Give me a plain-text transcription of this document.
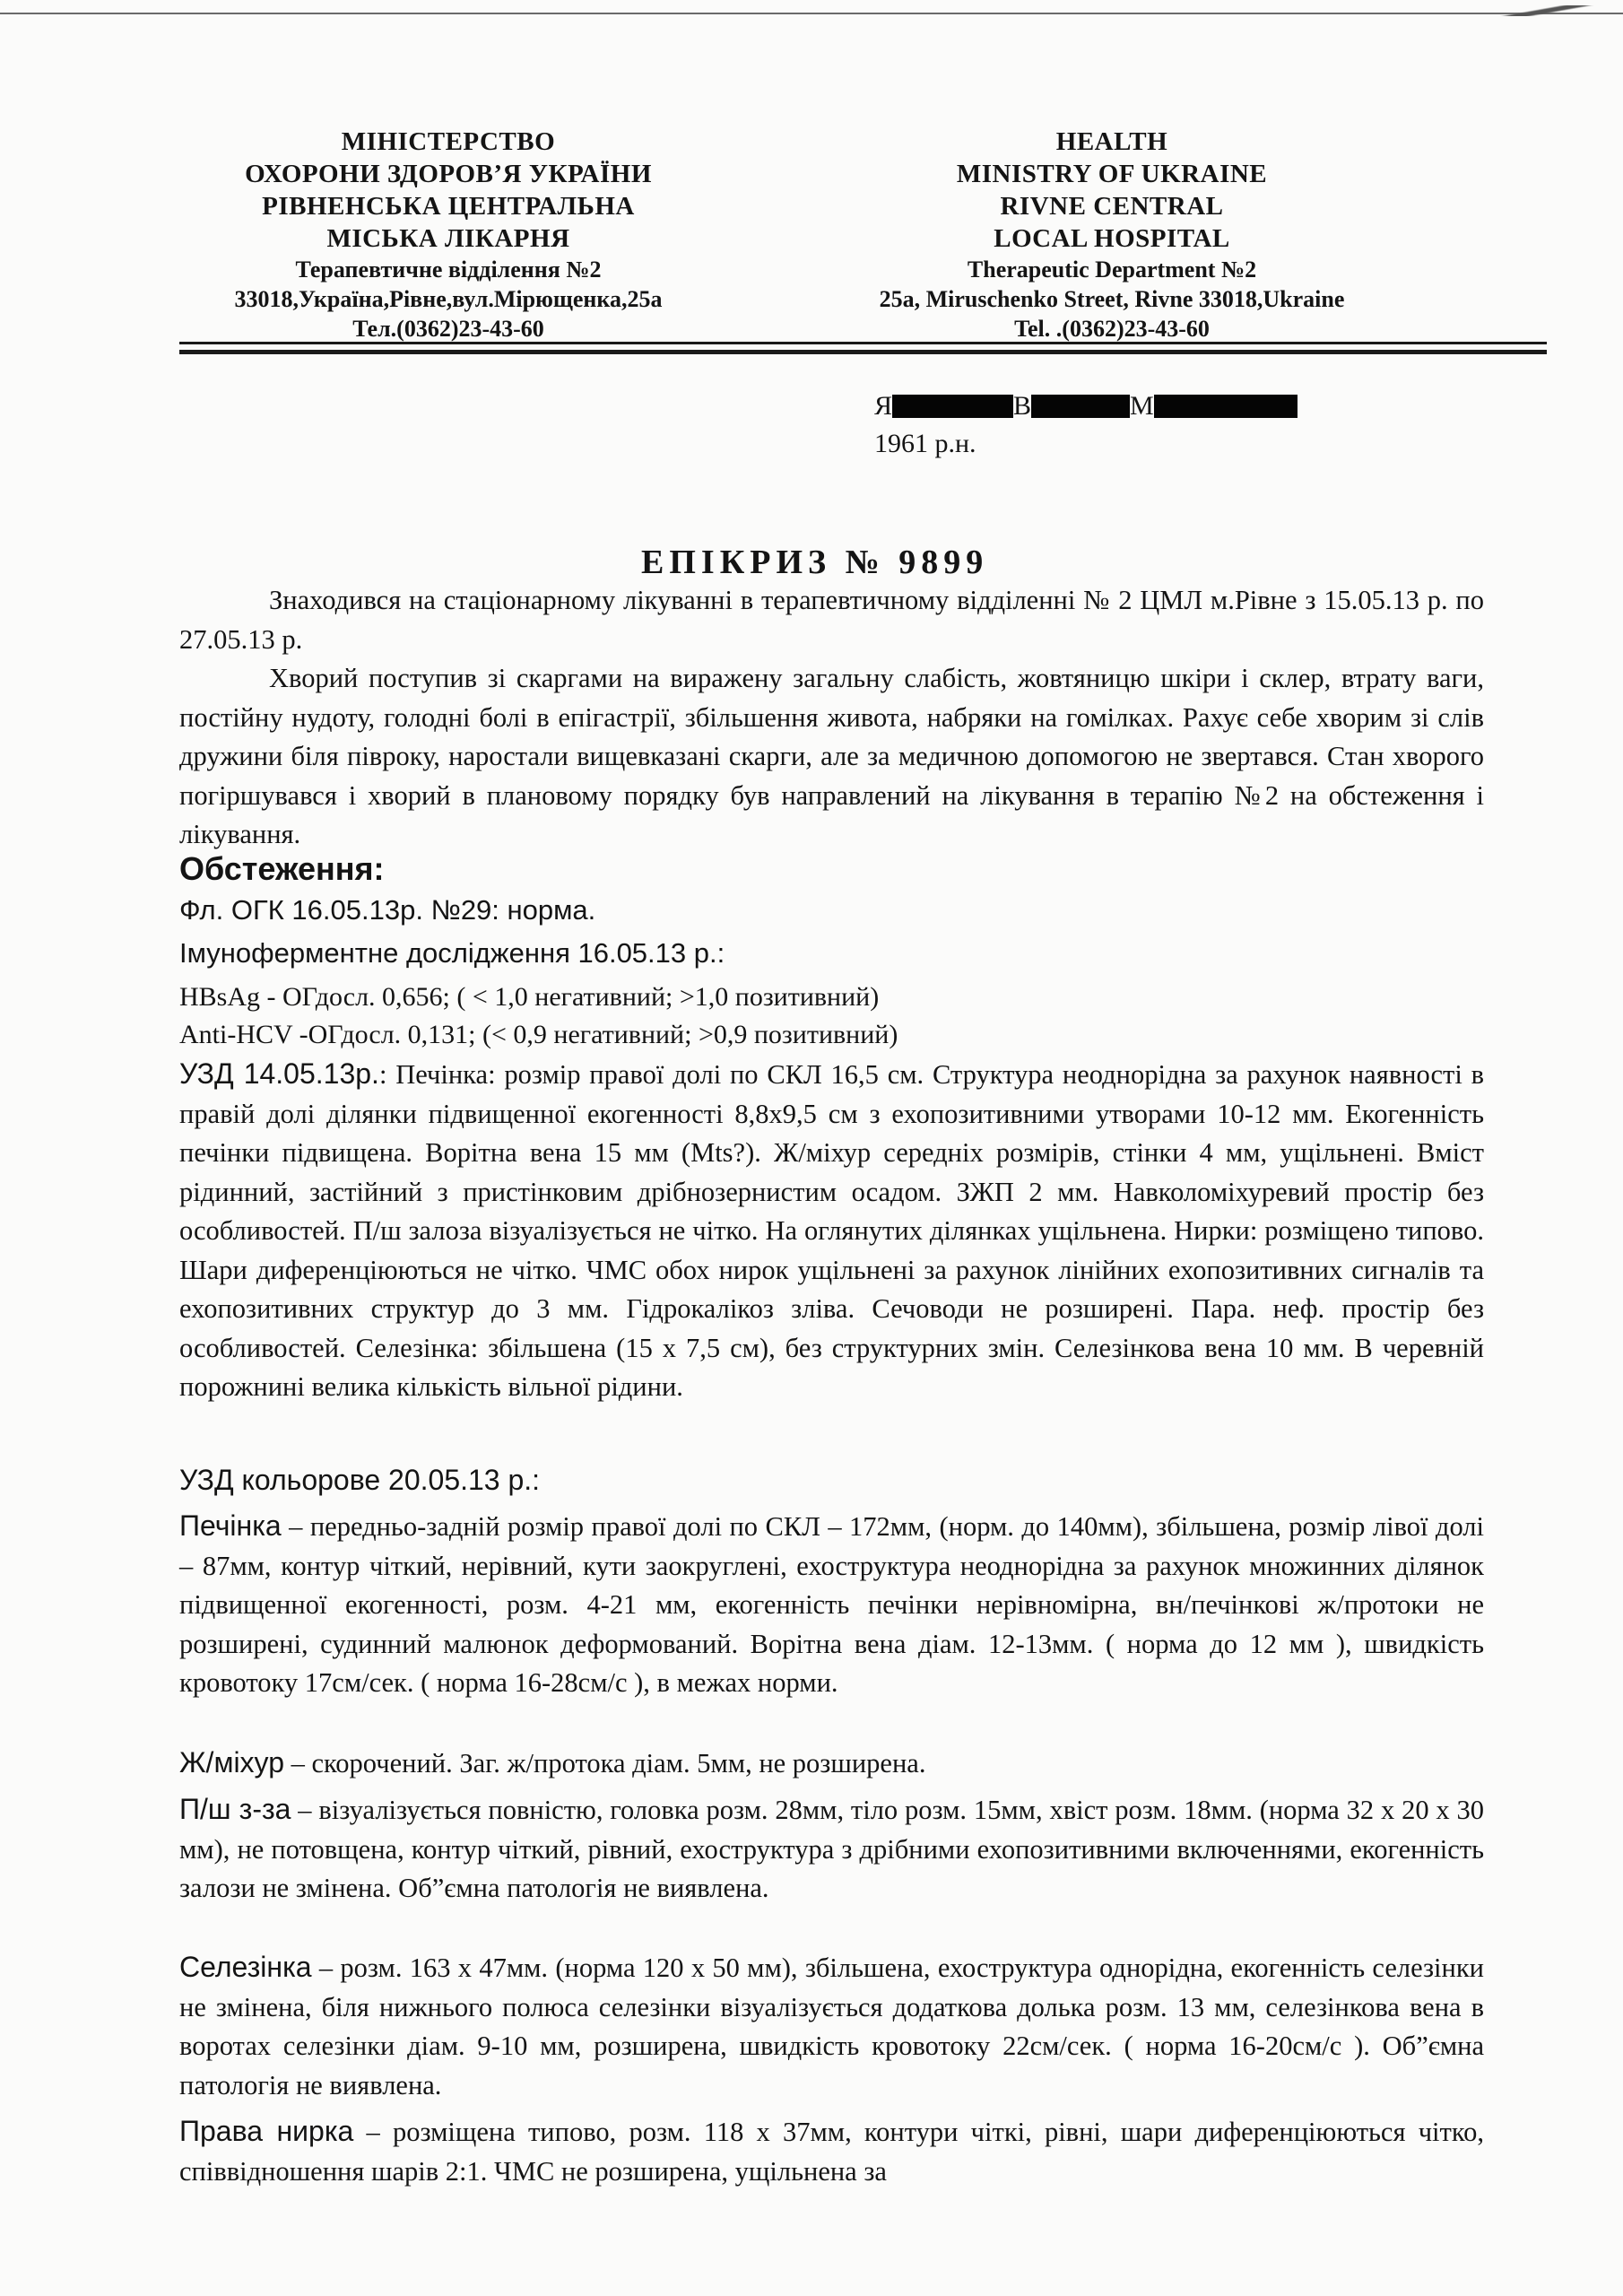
МІНІСТЕРСТВО
ОХОРОНИ ЗДОРОВ’Я УКРАЇНИ
РІВНЕНСЬКА ЦЕНТРАЛЬНА
МІСЬКА ЛІКАРНЯ
Терапевтичне відділення №2
33018,Україна,Рівне,вул.Мірющенка,25а
Тел.(0362)23-43-60
HEALTH
MINISTRY OF UKRAINE
RIVNE CENTRAL
LOCAL HOSPITAL
Therapeutic Department №2
25a, Miruschenko Street, Rivne 33018,Ukraine
Tel. .(0362)23-43-60
Я	В	М
1961 р.н.
ЕПІКРИЗ № 9899
Знаходився на стаціонарному лікуванні в терапевтичному відділенні № 2 ЦМЛ м.Рівне з 15.05.13 р. по 27.05.13 р.
Хворий поступив зі скаргами на виражену загальну слабість, жовтяницю шкіри і склер, втрату ваги, постійну нудоту, голодні болі в епігастрії, збільшення живота, набряки на гомілках. Рахує себе хворим зі слів дружини біля півроку, наростали вищевказані скарги, але за медичною допомогою не звертався. Стан хворого погіршувався і хворий в плановому порядку був направлений на лікування в терапію №2 на обстеження і лікування.
Обстеження:
Фл. ОГК 16.05.13р. №29: норма.
Імуноферментне дослідження 16.05.13 р.:
HBsAg - ОГдосл. 0,656; ( < 1,0 негативний; >1,0 позитивний)
Anti-HCV -ОГдосл. 0,131; (< 0,9 негативний; >0,9 позитивний)
УЗД 14.05.13р.: Печінка: розмір правої долі по СКЛ 16,5 см. Структура неоднорідна за рахунок наявності в правій долі ділянки підвищенної екогенності 8,8х9,5 см з ехопозитивними утворами 10-12 мм. Екогенність печінки підвищена. Ворітна вена 15 мм (Mts?). Ж/міхур середніх розмірів, стінки 4 мм, ущільнені. Вміст рідинний, застійний з пристінковим дрібнозернистим осадом. ЗЖП 2 мм. Навколоміхуревий простір без особливостей. П/ш залоза візуалізується не чітко. На оглянутих ділянках ущільнена. Нирки: розміщено типово. Шари диференціюються не чітко. ЧМС обох нирок ущільнені за рахунок лінійних ехопозитивних сигналів та ехопозитивних структур до 3 мм. Гідрокалікоз зліва. Сечоводи не розширені. Пара. неф. простір без особливостей. Селезінка: збільшена (15 х 7,5 см), без структурних змін. Селезінкова вена 10 мм. В черевній порожнині велика кількість вільної рідини.
УЗД кольорове 20.05.13 р.:
Печінка – передньо-задній розмір правої долі по СКЛ – 172мм, (норм. до 140мм), збільшена, розмір лівої долі – 87мм, контур чіткий, нерівний, кути заокруглені, ехоструктура неоднорідна за рахунок множинних ділянок підвищенної екогенності, розм. 4-21 мм, екогенність печінки нерівномірна, вн/печінкові ж/протоки не розширені, судинний малюнок деформований. Ворітна вена діам. 12-13мм. ( норма до 12 мм ), швидкість кровотоку 17см/сек. ( норма 16-28см/с ), в межах норми.
Ж/міхур – скорочений. Заг. ж/протока діам. 5мм, не розширена.
П/ш з-за – візуалізується повністю, головка розм. 28мм, тіло розм. 15мм, хвіст розм. 18мм. (норма 32 х 20 х 30 мм), не потовщена, контур чіткий, рівний, ехоструктура з дрібними ехопозитивними включеннями, екогенність залози не змінена. Об”ємна патологія не виявлена.
Селезінка – розм. 163 х 47мм. (норма 120 х 50 мм), збільшена, ехоструктура однорідна, екогенність селезінки не змінена, біля нижнього полюса селезінки візуалізується додаткова долька розм. 13 мм, селезінкова вена в воротах селезінки діам. 9-10 мм, розширена, швидкість кровотоку 22см/сек. ( норма 16-20см/с ). Об”ємна патологія не виявлена.
Права нирка – розміщена типово, розм. 118 х 37мм, контури чіткі, рівні, шари диференціюються чітко, співвідношення шарів 2:1. ЧМС не розширена, ущільнена за
